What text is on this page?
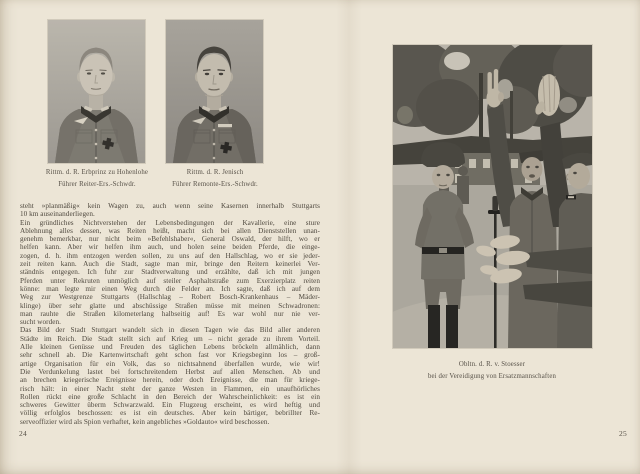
Rittm. d. R. Erbprinz zu Hohenlohe
Führer Reiter-Ers.-Schwdr.
Rittm. d. R. Jenisch
Führer Remonte-Ers.-Schwdr.
steht »planmäßig« kein Wagen zu, auch wenn seine Kasernen innerhalb Stuttgarts
10 km auseinanderliegen.
Ein gründliches Nichtverstehen der Lebensbedingungen der Kavallerie, eine sture
Ablehnung alles dessen, was Reiten heißt, macht sich bei allen Dienststellen unan-
genehm bemerkbar, nur nicht beim »Befehlshaber«, General Oswald, der hilft, wo er
helfen kann. Aber wir helfen ihm auch, und holen seine beiden Pferde, die einge-
zogen, d. h. ihm entzogen werden sollen, zu uns auf den Hallschlag, wo er sie jeder-
zeit reiten kann. Auch die Stadt, sagte man mir, bringe den Reitern keinerlei Ver-
ständnis entgegen. Ich fuhr zur Stadtverwaltung und erzählte, daß ich mit jungen
Pferden unter Rekruten unmöglich auf steiler Asphaltstraße zum Exerzierplatz reiten
könne: man legte mir einen Weg durch die Felder an. Ich sagte, daß ich auf dem
Weg zur Westgrenze Stuttgarts (Hallschlag – Robert Bosch-Krankenhaus – Mäder-
klinge) über sehr glatte und abschüssige Straßen müsse mit meinen Schwadronen:
man rauhte die Straßen kilometerlang halbseitig auf! Es war wohl nur nie ver-
sucht worden.
Das Bild der Stadt Stuttgart wandelt sich in diesen Tagen wie das Bild aller anderen
Städte im Reich. Die Stadt stellt sich auf Krieg um – nicht gerade zu ihrem Vorteil.
Alle kleinen Genüsse und Freuden des täglichen Lebens bröckeln allmählich, dann
sehr schnell ab. Die Kartenwirtschaft geht schon fast vor Kriegsbeginn los – groß-
artige Organisation für ein Volk, das so nichtsahnend überfallen wurde, wie wir!
Die Verdunkelung lastet bei fortschreitendem Herbst auf allen Menschen. Ab und
an brechen kriegerische Ereignisse herein, oder doch Ereignisse, die man für kriege-
risch hält: in einer Nacht steht der ganze Westen in Flammen, ein unaufhörliches
Rollen rückt eine große Schlacht in den Bereich der Wahrscheinlichkeit: es ist ein
schweres Gewitter überm Schwarzwald. Ein Flugzeug erscheint, es wird heftig und
völlig erfolglos beschossen: es ist ein deutsches. Aber kein bärtiger, bebrillter Re-
serveoffizier wird als Spion verhaftet, kein angebliches »Goldauto« wird beschossen.
24
Obltn. d. R. v. Stoesser
bei der Vereidigung von Ersatzmannschaften
25
